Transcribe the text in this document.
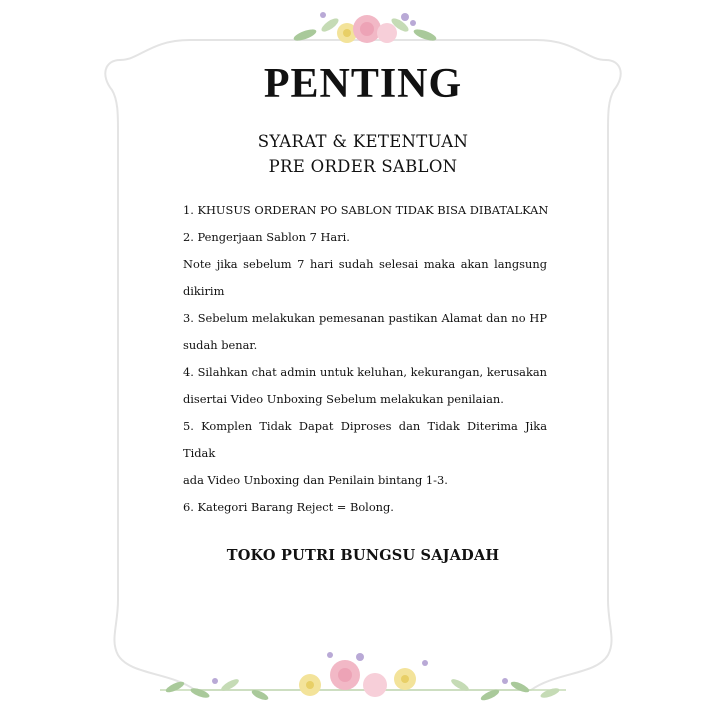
PENTING
SYARAT & KETENTUAN
PRE ORDER SABLON
1. KHUSUS ORDERAN PO SABLON TIDAK BISA DIBATALKAN
2. Pengerjaan Sablon 7 Hari.
Note jika sebelum 7 hari sudah selesai maka akan langsung
dikirim
3. Sebelum melakukan pemesanan pastikan Alamat dan no HP
sudah benar.
4. Silahkan chat admin untuk keluhan, kekurangan, kerusakan
disertai Video Unboxing Sebelum melakukan penilaian.
5. Komplen Tidak Dapat Diproses dan Tidak Diterima Jika Tidak
ada Video Unboxing dan Penilain bintang 1-3.
6. Kategori Barang Reject = Bolong.
TOKO PUTRI BUNGSU SAJADAH
